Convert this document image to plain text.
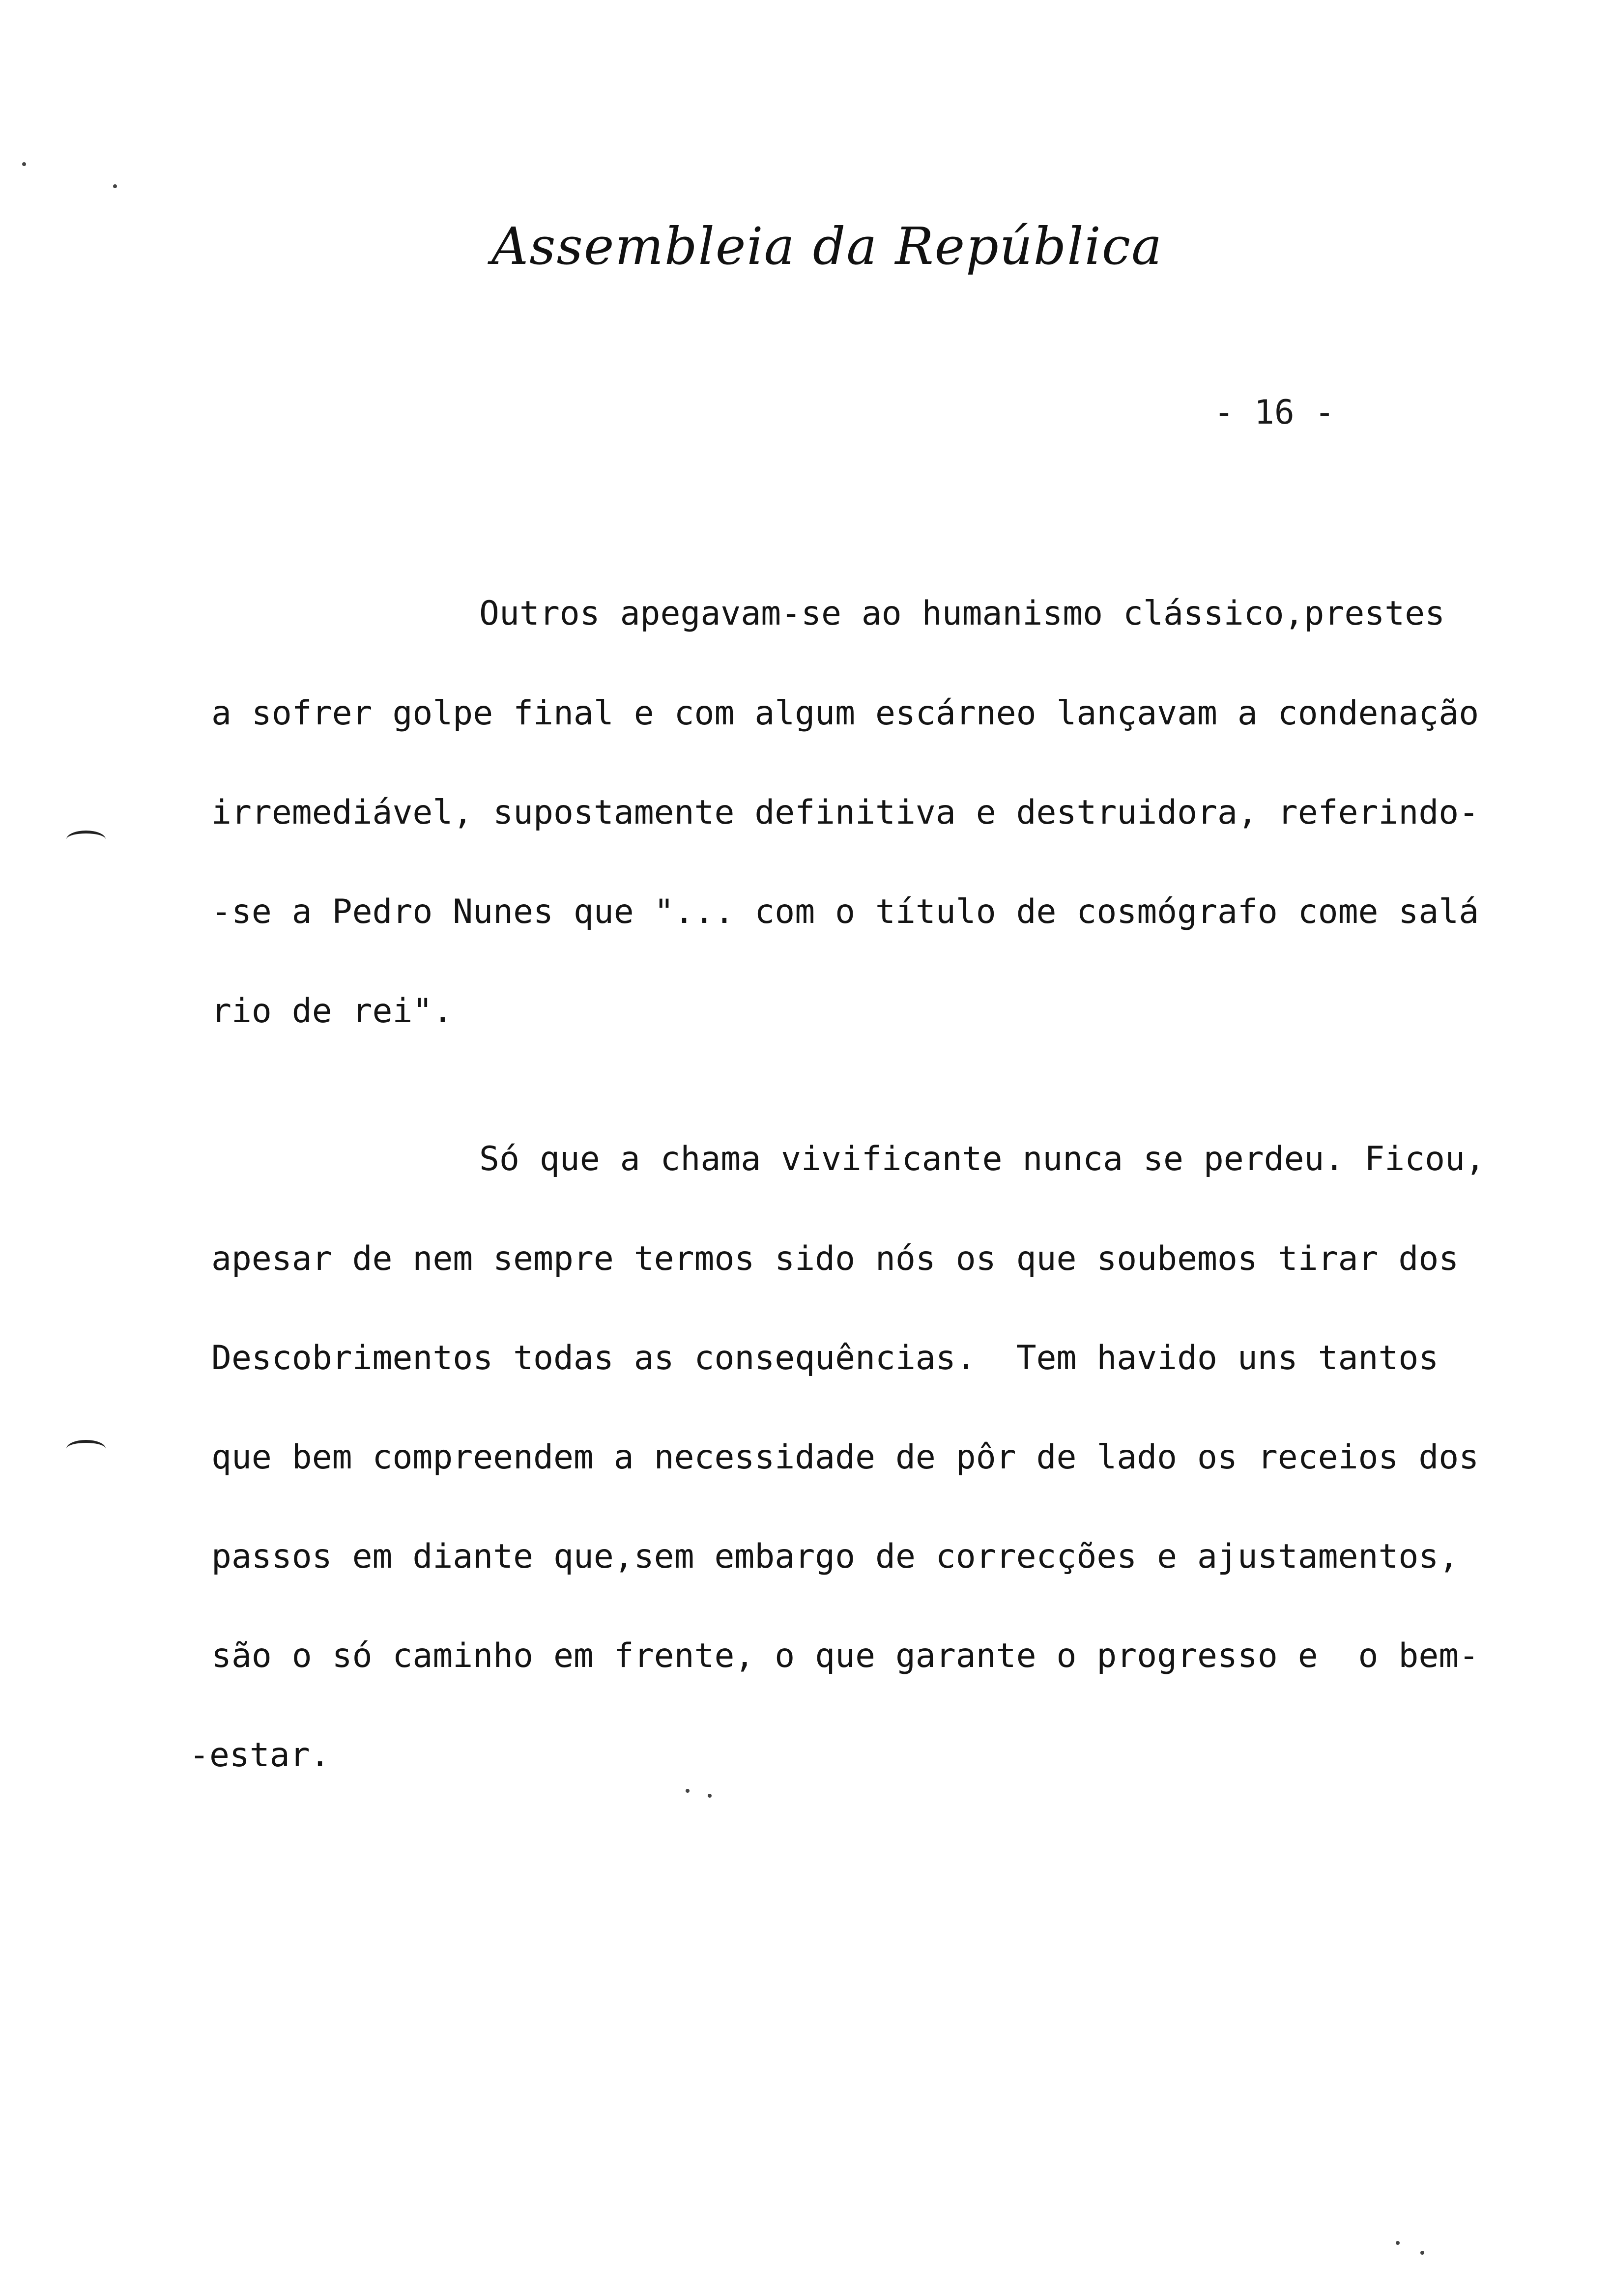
Assembleia da República
- 16 -
Outros apegavam-se ao humanismo clássico,prestes
a sofrer golpe final e com algum escárneo lançavam a condenação
irremediável, supostamente definitiva e destruidora, referindo-
-se a Pedro Nunes que "... com o título de cosmógrafo come salá
rio de rei".
Só que a chama vivificante nunca se perdeu. Ficou,
apesar de nem sempre termos sido nós os que soubemos tirar dos
Descobrimentos todas as consequências.  Tem havido uns tantos
que bem compreendem a necessidade de pôr de lado os receios dos
passos em diante que,sem embargo de correcções e ajustamentos,
são o só caminho em frente, o que garante o progresso e  o bem-
-estar.
